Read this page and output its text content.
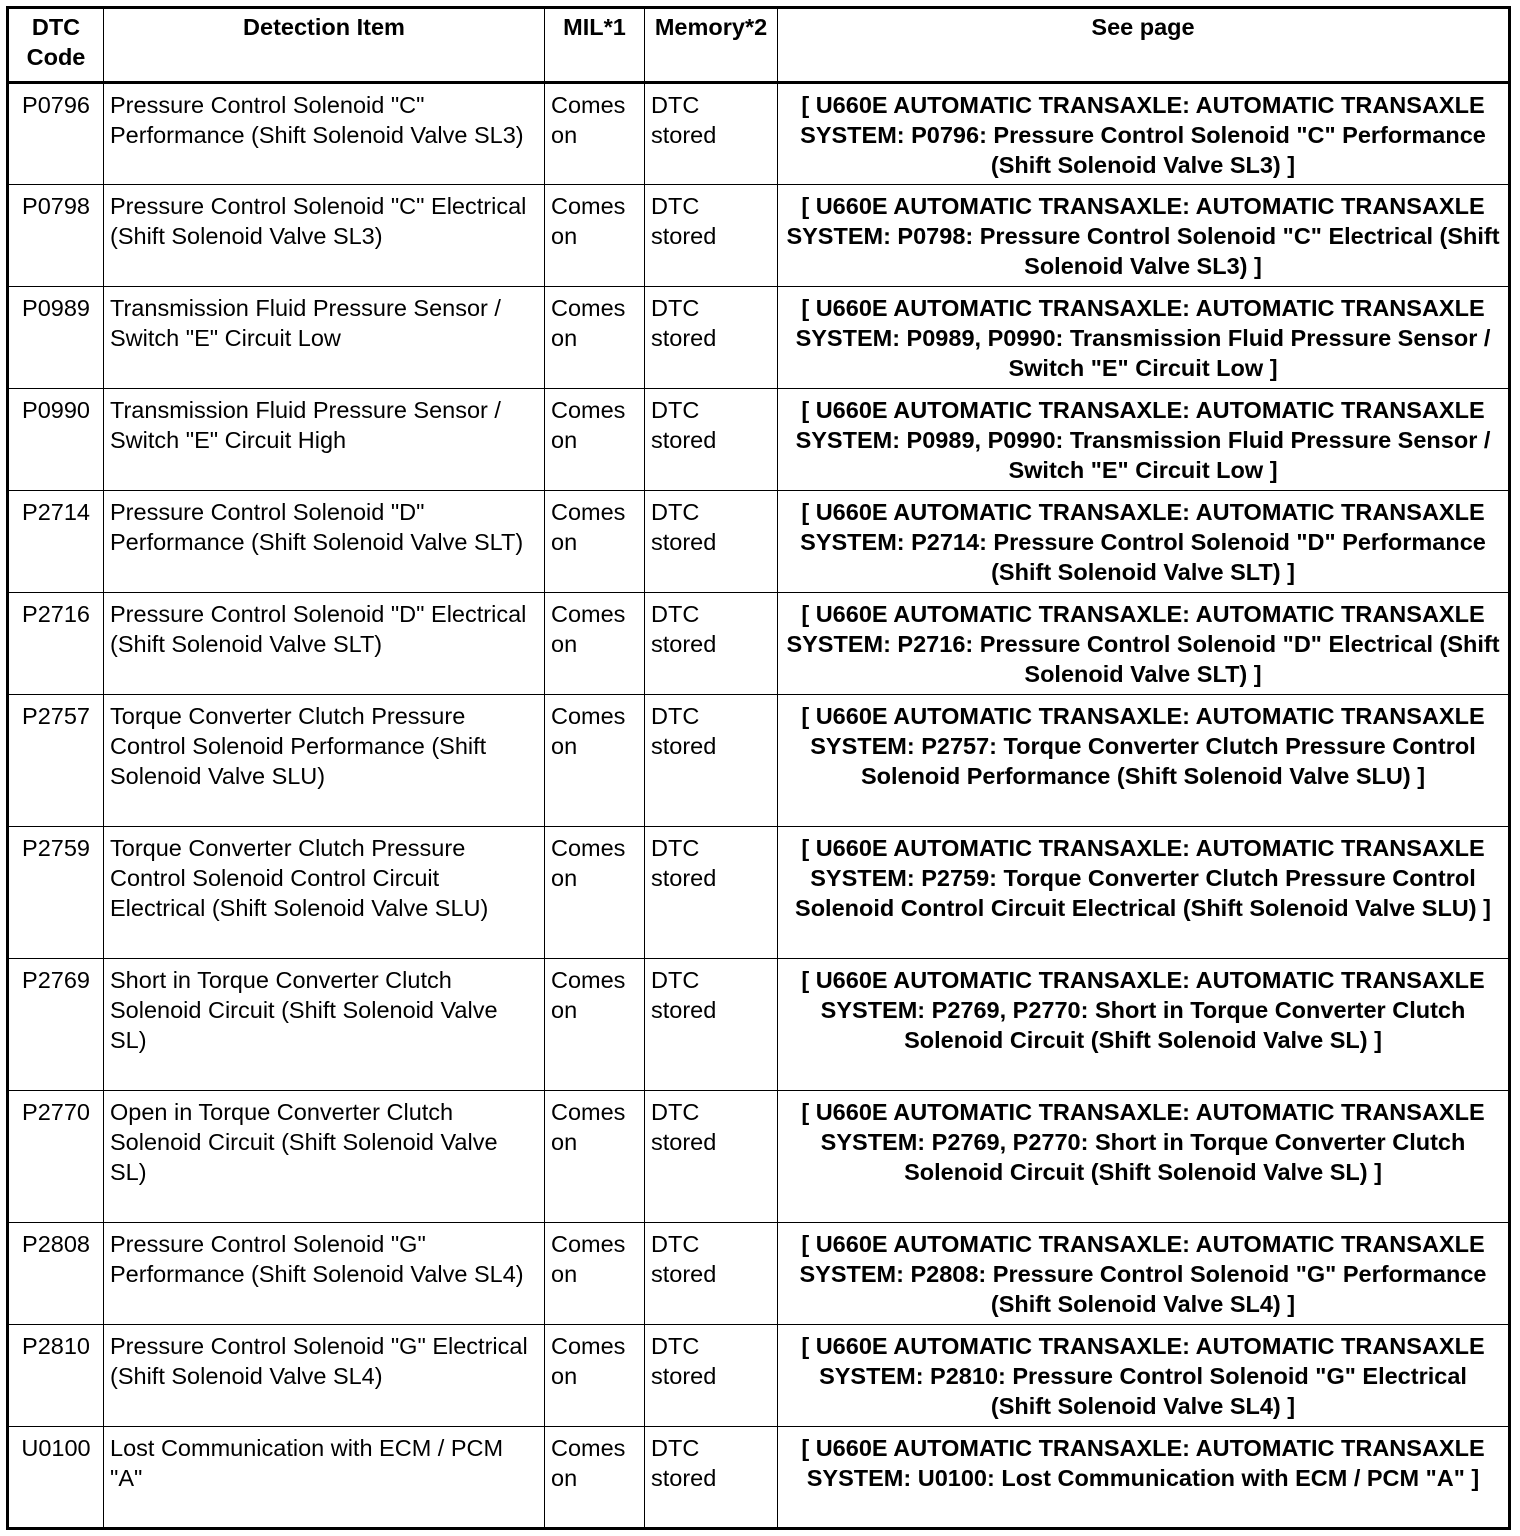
DTC Code	Detection Item	MIL*1	Memory*2	See page
P0796	Pressure Control Solenoid "C" Performance (Shift Solenoid Valve SL3)	Comes on	DTC stored	[ U660E AUTOMATIC TRANSAXLE: AUTOMATIC TRANSAXLE SYSTEM: P0796: Pressure Control Solenoid "C" Performance (Shift Solenoid Valve SL3) ]
P0798	Pressure Control Solenoid "C" Electrical (Shift Solenoid Valve SL3)	Comes on	DTC stored	[ U660E AUTOMATIC TRANSAXLE: AUTOMATIC TRANSAXLE SYSTEM: P0798: Pressure Control Solenoid "C" Electrical (Shift Solenoid Valve SL3) ]
P0989	Transmission Fluid Pressure Sensor / Switch "E" Circuit Low	Comes on	DTC stored	[ U660E AUTOMATIC TRANSAXLE: AUTOMATIC TRANSAXLE SYSTEM: P0989, P0990: Transmission Fluid Pressure Sensor / Switch "E" Circuit Low ]
P0990	Transmission Fluid Pressure Sensor / Switch "E" Circuit High	Comes on	DTC stored	[ U660E AUTOMATIC TRANSAXLE: AUTOMATIC TRANSAXLE SYSTEM: P0989, P0990: Transmission Fluid Pressure Sensor / Switch "E" Circuit Low ]
P2714	Pressure Control Solenoid "D" Performance (Shift Solenoid Valve SLT)	Comes on	DTC stored	[ U660E AUTOMATIC TRANSAXLE: AUTOMATIC TRANSAXLE SYSTEM: P2714: Pressure Control Solenoid "D" Performance (Shift Solenoid Valve SLT) ]
P2716	Pressure Control Solenoid "D" Electrical (Shift Solenoid Valve SLT)	Comes on	DTC stored	[ U660E AUTOMATIC TRANSAXLE: AUTOMATIC TRANSAXLE SYSTEM: P2716: Pressure Control Solenoid "D" Electrical (Shift Solenoid Valve SLT) ]
P2757	Torque Converter Clutch Pressure Control Solenoid Performance (Shift Solenoid Valve SLU)	Comes on	DTC stored	[ U660E AUTOMATIC TRANSAXLE: AUTOMATIC TRANSAXLE SYSTEM: P2757: Torque Converter Clutch Pressure Control Solenoid Performance (Shift Solenoid Valve SLU) ]
P2759	Torque Converter Clutch Pressure Control Solenoid Control Circuit Electrical (Shift Solenoid Valve SLU)	Comes on	DTC stored	[ U660E AUTOMATIC TRANSAXLE: AUTOMATIC TRANSAXLE SYSTEM: P2759: Torque Converter Clutch Pressure Control Solenoid Control Circuit Electrical (Shift Solenoid Valve SLU) ]
P2769	Short in Torque Converter Clutch Solenoid Circuit (Shift Solenoid Valve SL)	Comes on	DTC stored	[ U660E AUTOMATIC TRANSAXLE: AUTOMATIC TRANSAXLE SYSTEM: P2769, P2770: Short in Torque Converter Clutch Solenoid Circuit (Shift Solenoid Valve SL) ]
P2770	Open in Torque Converter Clutch Solenoid Circuit (Shift Solenoid Valve SL)	Comes on	DTC stored	[ U660E AUTOMATIC TRANSAXLE: AUTOMATIC TRANSAXLE SYSTEM: P2769, P2770: Short in Torque Converter Clutch Solenoid Circuit (Shift Solenoid Valve SL) ]
P2808	Pressure Control Solenoid "G" Performance (Shift Solenoid Valve SL4)	Comes on	DTC stored	[ U660E AUTOMATIC TRANSAXLE: AUTOMATIC TRANSAXLE SYSTEM: P2808: Pressure Control Solenoid "G" Performance (Shift Solenoid Valve SL4) ]
P2810	Pressure Control Solenoid "G" Electrical (Shift Solenoid Valve SL4)	Comes on	DTC stored	[ U660E AUTOMATIC TRANSAXLE: AUTOMATIC TRANSAXLE SYSTEM: P2810: Pressure Control Solenoid "G" Electrical (Shift Solenoid Valve SL4) ]
U0100	Lost Communication with ECM / PCM "A"	Comes on	DTC stored	[ U660E AUTOMATIC TRANSAXLE: AUTOMATIC TRANSAXLE SYSTEM: U0100: Lost Communication with ECM / PCM "A" ]
